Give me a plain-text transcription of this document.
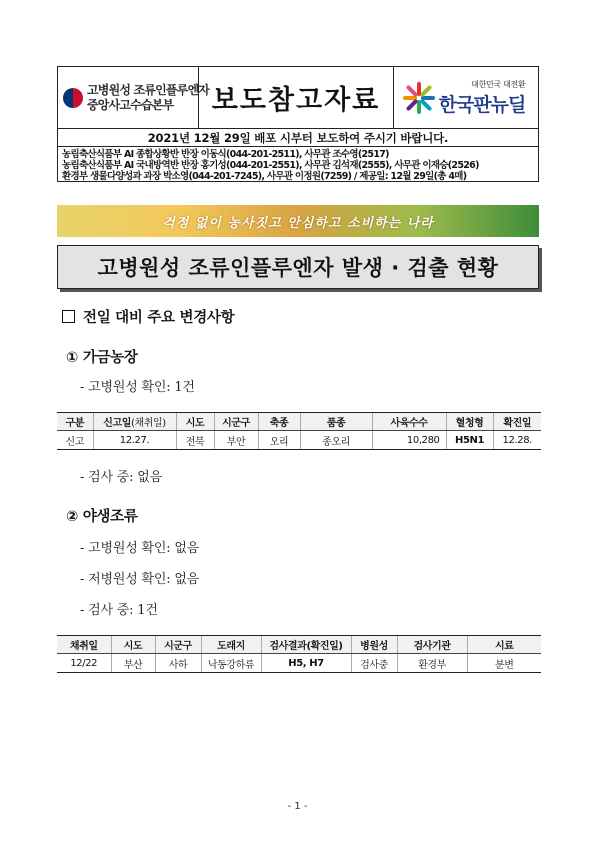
고병원성 조류인플루엔자
중앙사고수습본부	보도참고자료
대한민국 대전환
한국판뉴딜
2021년 12월 29일 배포 시부터 보도하여 주시기 바랍니다.
농림축산식품부 AI 종합상황반 반장 이동식(044-201-2511), 사무관 조수영(2517)
농림축산식품부 AI 국내방역반 반장 홍기성(044-201-2551), 사무관 김석재(2555), 사무관 이재승(2526)
환경부 생물다양성과 과장 박소영(044-201-7245), 사무관 이정원(7259) / 제공일: 12월 29일(총 4매)
걱정 없이 농사짓고 안심하고 소비하는 나라
고병원성 조류인플루엔자 발생 · 검출 현황
전일 대비 주요 변경사항
① 가금농장
- 고병원성 확인: 1건
구분	신고일(채취일)	시도	시군구	축종	품종	사육수수	혈청형	확진일
신고	12.27.	전북	부안	오리	종오리	10,280	H5N1	12.28.
- 검사 중: 없음
② 야생조류
- 고병원성 확인: 없음
- 저병원성 확인: 없음
- 검사 중: 1건
채취일	시도	시군구	도래지	검사결과(확진일)	병원성	검사기관	시료
12/22	부산	사하	낙동강하류	H5, H7	검사중	환경부	분변
- 1 -
